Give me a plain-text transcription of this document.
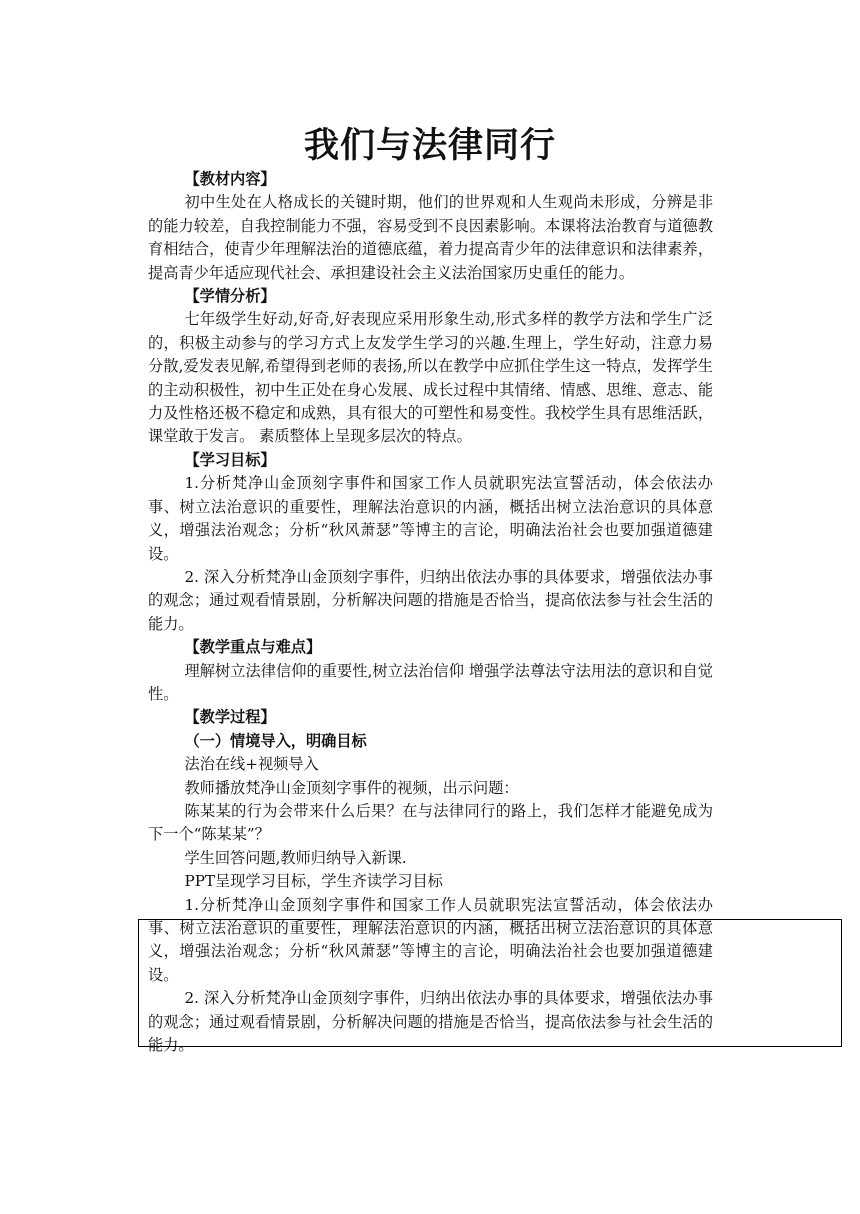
我们与法律同行

【教材内容】

初中生处在人格成长的关键时期，他们的世界观和人生观尚未形成，分辨是非的能力较差，自我控制能力不强，容易受到不良因素影响。本课将法治教育与道德教育相结合，使青少年理解法治的道德底蕴，着力提高青少年的法律意识和法律素养，提高青少年适应现代社会、承担建设社会主义法治国家历史重任的能力。

【学情分析】

七年级学生好动,好奇,好表现应采用形象生动,形式多样的教学方法和学生广泛的，积极主动参与的学习方式上友发学生学习的兴趣.生理上，学生好动，注意力易分散,爱发表见解,希望得到老师的表扬,所以在教学中应抓住学生这一特点，发挥学生的主动积极性，初中生正处在身心发展、成长过程中其情绪、情感、思维、意志、能力及性格还极不稳定和成熟，具有很大的可塑性和易变性。我校学生具有思维活跃，课堂敢于发言。 素质整体上呈现多层次的特点。

【学习目标】

1.分析梵净山金顶刻字事件和国家工作人员就职宪法宣誓活动，体会依法办事、树立法治意识的重要性，理解法治意识的内涵，概括出树立法治意识的具体意义，增强法治观念；分析“秋风萧瑟”等博主的言论，明确法治社会也要加强道德建设。

2. 深入分析梵净山金顶刻字事件，归纳出依法办事的具体要求，增强依法办事的观念；通过观看情景剧，分析解决问题的措施是否恰当，提高依法参与社会生活的能力。

【教学重点与难点】

理解树立法律信仰的重要性,树立法治信仰 增强学法尊法守法用法的意识和自觉性。

【教学过程】

（一）情境导入，明确目标

法治在线+视频导入

教师播放梵净山金顶刻字事件的视频，出示问题：

陈某某的行为会带来什么后果？在与法律同行的路上，我们怎样才能避免成为下一个“陈某某”？

学生回答问题,教师归纳导入新课.

PPT呈现学习目标，学生齐读学习目标

1.分析梵净山金顶刻字事件和国家工作人员就职宪法宣誓活动，体会依法办事、树立法治意识的重要性，理解法治意识的内涵，概括出树立法治意识的具体意义，增强法治观念；分析“秋风萧瑟”等博主的言论，明确法治社会也要加强道德建设。

2. 深入分析梵净山金顶刻字事件，归纳出依法办事的具体要求，增强依法办事的观念；通过观看情景剧，分析解决问题的措施是否恰当，提高依法参与社会生活的能力。
